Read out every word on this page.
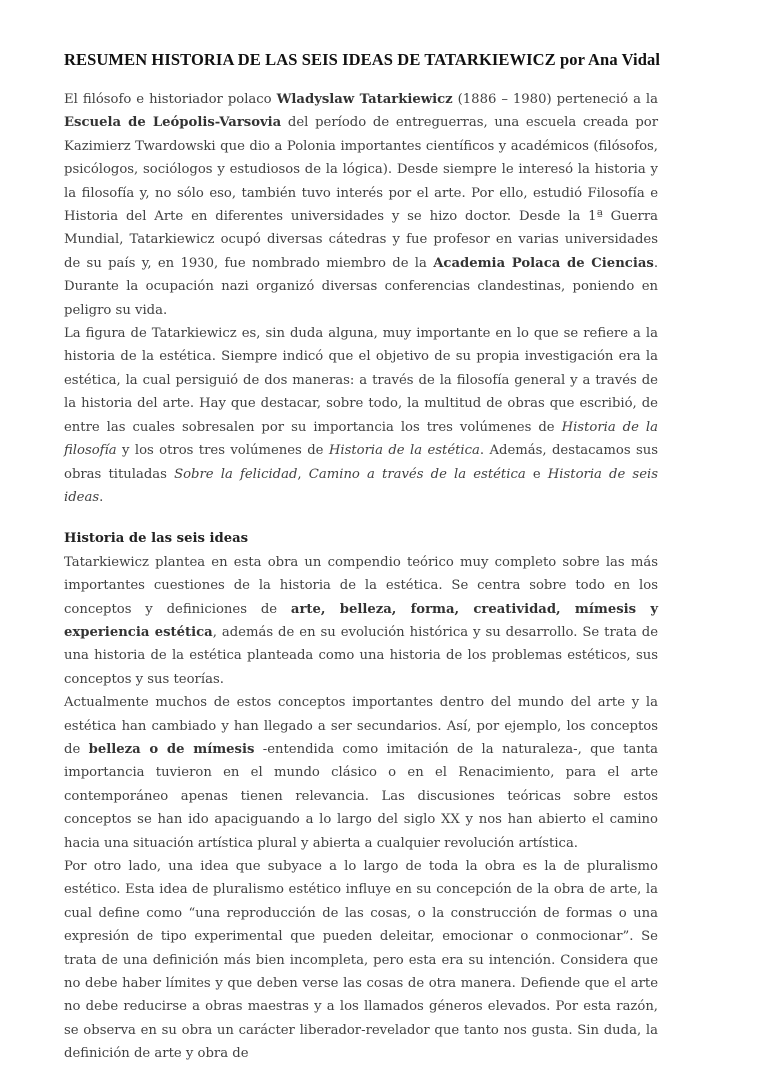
RESUMEN HISTORIA DE LAS SEIS IDEAS DE TATARKIEWICZ por Ana Vidal

El filósofo e historiador polaco Wladyslaw Tatarkiewicz (1886 – 1980) perteneció a la Escuela de Leópolis-Varsovia del período de entreguerras, una escuela creada por Kazimierz Twardowski que dio a Polonia importantes científicos y académicos (filósofos, psicólogos, sociólogos y estudiosos de la lógica). Desde siempre le interesó la historia y la filosofía y, no sólo eso, también tuvo interés por el arte. Por ello, estudió Filosofía e Historia del Arte en diferentes universidades y se hizo doctor. Desde la 1ª Guerra Mundial, Tatarkiewicz ocupó diversas cátedras y fue profesor en varias universidades de su país y, en 1930, fue nombrado miembro de la Academia Polaca de Ciencias. Durante la ocupación nazi organizó diversas conferencias clandestinas, poniendo en peligro su vida.

La figura de Tatarkiewicz es, sin duda alguna, muy importante en lo que se refiere a la historia de la estética. Siempre indicó que el objetivo de su propia investigación era la estética, la cual persiguió de dos maneras: a través de la filosofía general y a través de la historia del arte. Hay que destacar, sobre todo, la multitud de obras que escribió, de entre las cuales sobresalen por su importancia los tres volúmenes de Historia de la filosofía y los otros tres volúmenes de Historia de la estética. Además, destacamos sus obras tituladas Sobre la felicidad, Camino a través de la estética e Historia de seis ideas.

Historia de las seis ideas

Tatarkiewicz plantea en esta obra un compendio teórico muy completo sobre las más importantes cuestiones de la historia de la estética. Se centra sobre todo en los conceptos y definiciones de arte, belleza, forma, creatividad, mímesis y experiencia estética, además de en su evolución histórica y su desarrollo. Se trata de una historia de la estética planteada como una historia de los problemas estéticos, sus conceptos y sus teorías.

Actualmente muchos de estos conceptos importantes dentro del mundo del arte y la estética han cambiado y han llegado a ser secundarios. Así, por ejemplo, los conceptos de belleza o de mímesis -entendida como imitación de la naturaleza-, que tanta importancia tuvieron en el mundo clásico o en el Renacimiento, para el arte contemporáneo apenas tienen relevancia. Las discusiones teóricas sobre estos conceptos se han ido apaciguando a lo largo del siglo XX y nos han abierto el camino hacia una situación artística plural y abierta a cualquier revolución artística.

Por otro lado, una idea que subyace a lo largo de toda la obra es la de pluralismo estético. Esta idea de pluralismo estético influye en su concepción de la obra de arte, la cual define como “una reproducción de las cosas, o la construcción de formas o una expresión de tipo experimental que pueden deleitar, emocionar o conmocionar”. Se trata de una definición más bien incompleta, pero esta era su intención. Considera que no debe haber límites y que deben verse las cosas de otra manera. Defiende que el arte no debe reducirse a obras maestras y a los llamados géneros elevados. Por esta razón, se observa en su obra un carácter liberador-revelador que tanto nos gusta. Sin duda, la definición de arte y obra de
